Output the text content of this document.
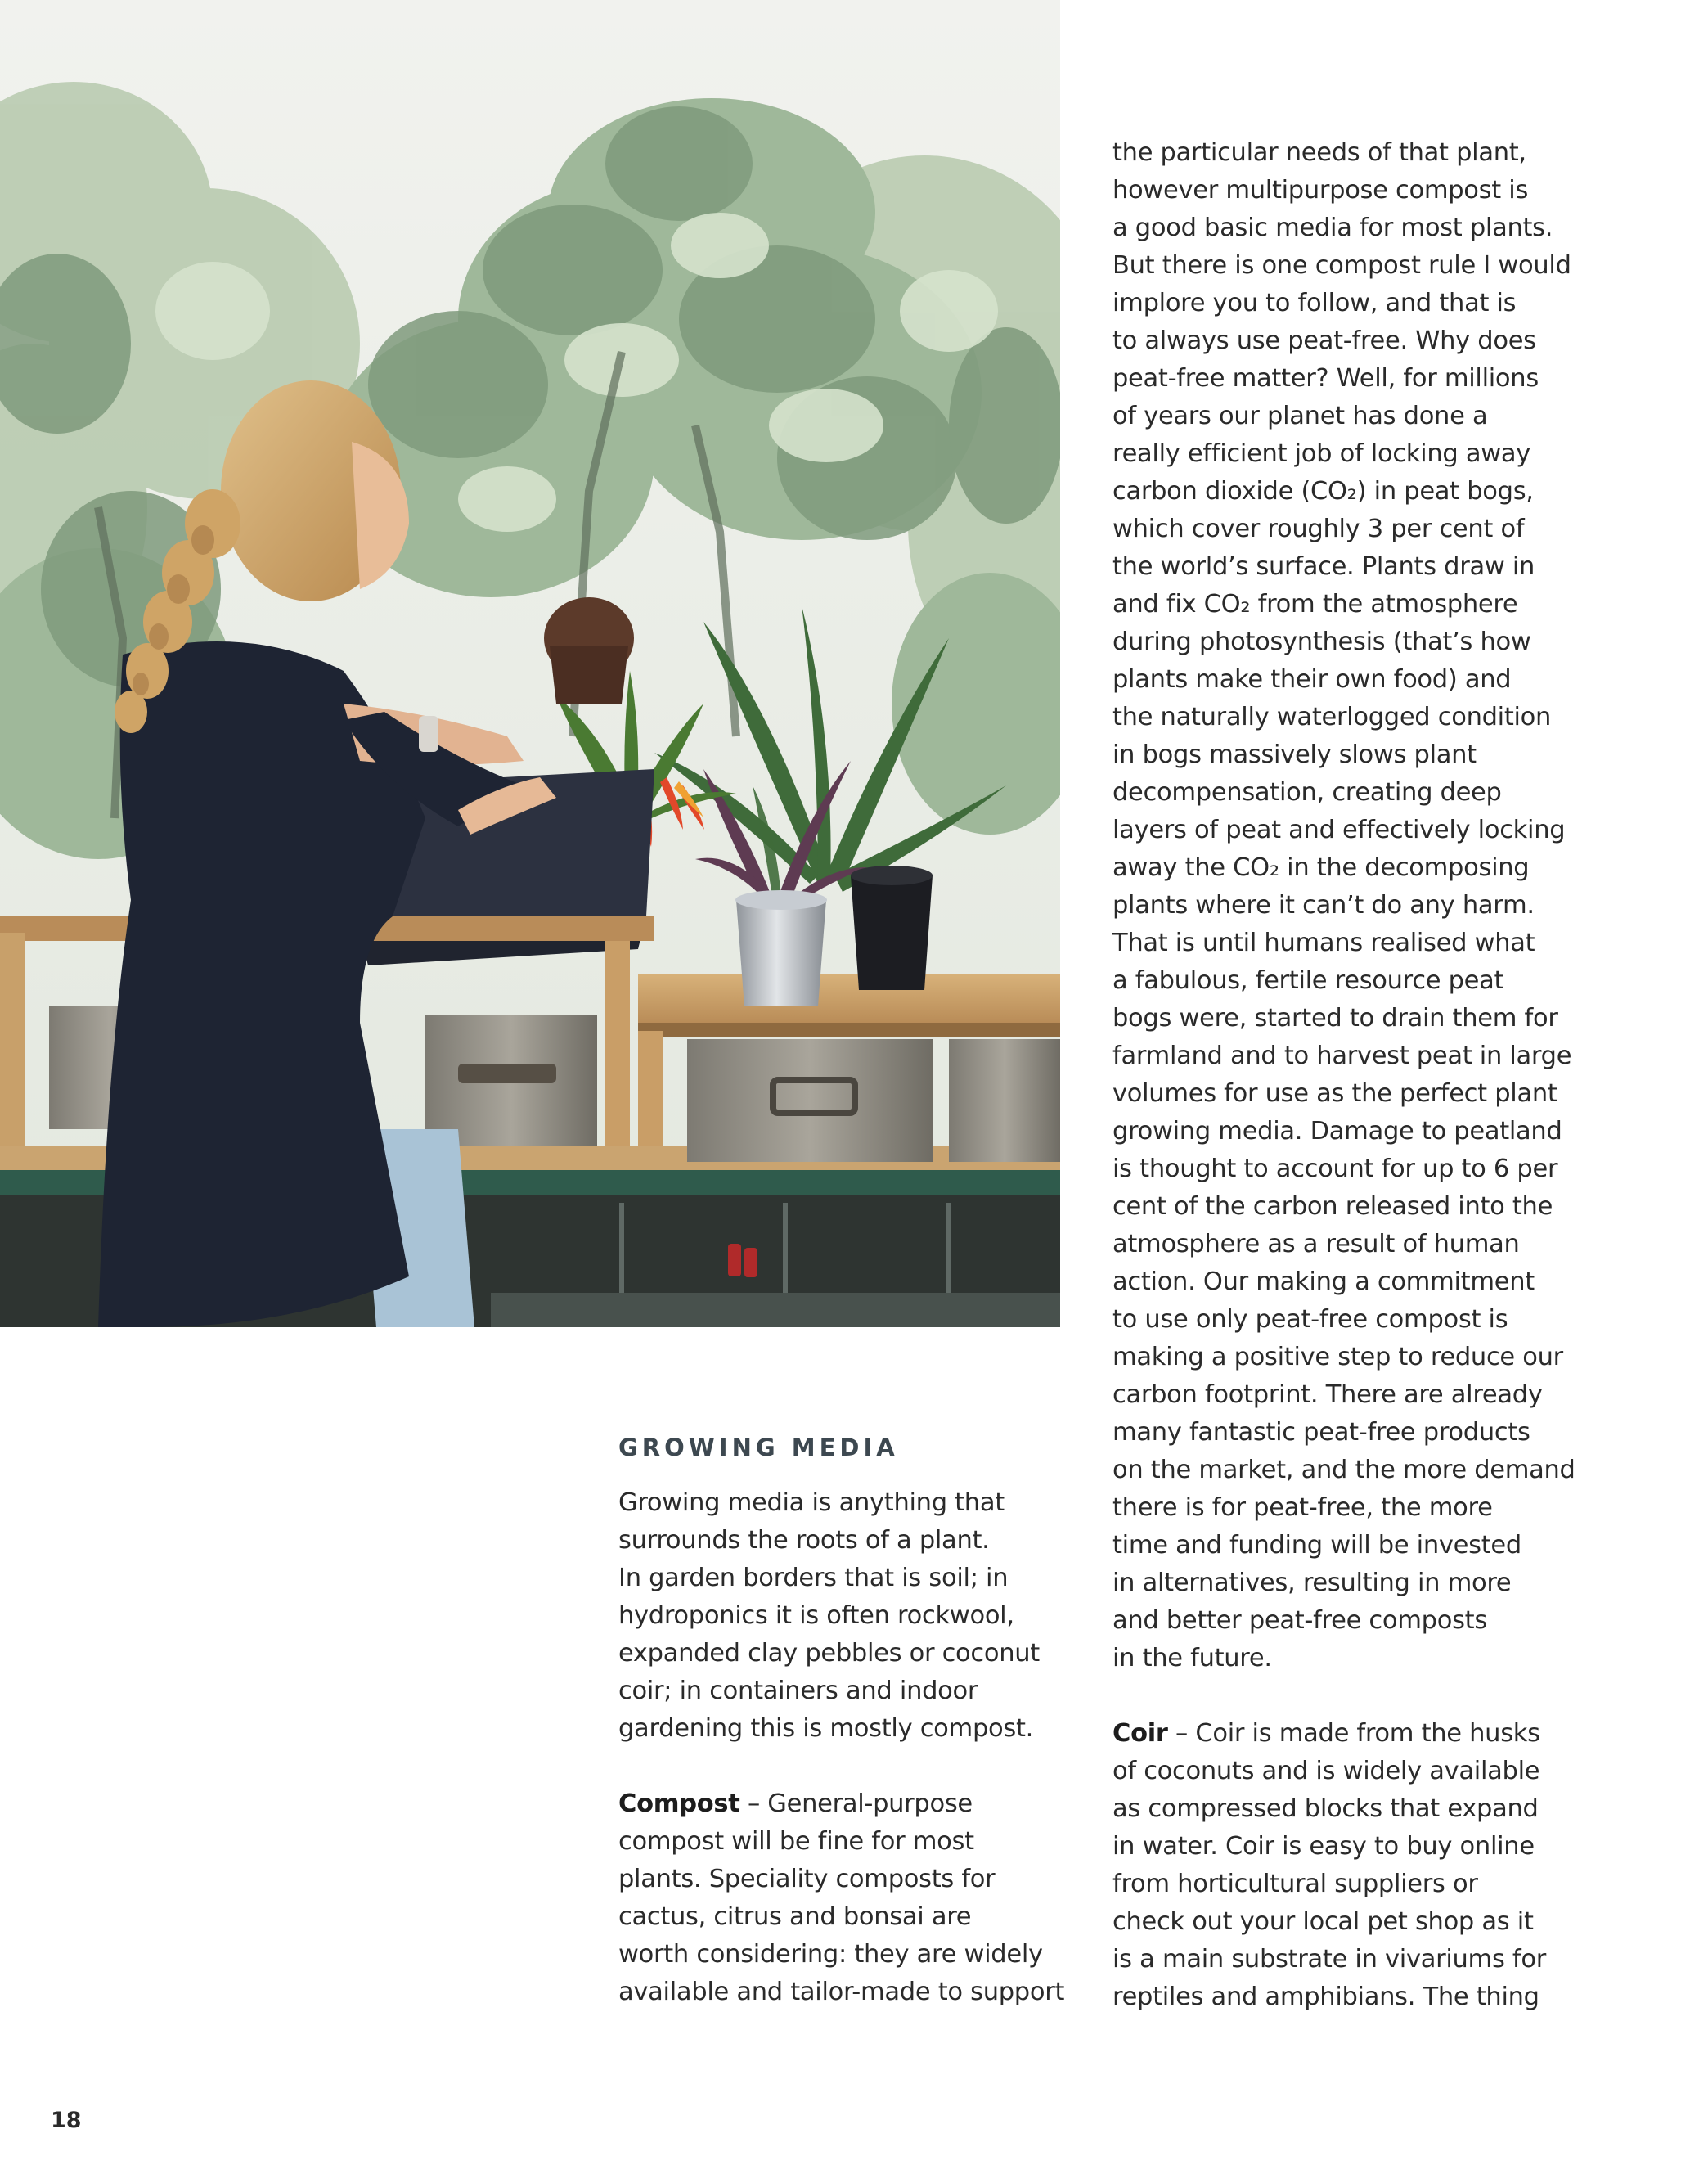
GROWING MEDIA

Growing media is anything that
surrounds the roots of a plant.
In garden borders that is soil; in
hydroponics it is often rockwool,
expanded clay pebbles or coconut
coir; in containers and indoor
gardening this is mostly compost.

Compost – General-purpose
compost will be fine for most
plants. Speciality composts for
cactus, citrus and bonsai are
worth considering: they are widely
available and tailor-made to support

the particular needs of that plant,
however multipurpose compost is
a good basic media for most plants.
But there is one compost rule I would
implore you to follow, and that is
to always use peat-free. Why does
peat-free matter? Well, for millions
of years our planet has done a
really efficient job of locking away
carbon dioxide (CO₂) in peat bogs,
which cover roughly 3 per cent of
the world’s surface. Plants draw in
and fix CO₂ from the atmosphere
during photosynthesis (that’s how
plants make their own food) and
the naturally waterlogged condition
in bogs massively slows plant
decompensation, creating deep
layers of peat and effectively locking
away the CO₂ in the decomposing
plants where it can’t do any harm.
That is until humans realised what
a fabulous, fertile resource peat
bogs were, started to drain them for
farmland and to harvest peat in large
volumes for use as the perfect plant
growing media. Damage to peatland
is thought to account for up to 6 per
cent of the carbon released into the
atmosphere as a result of human
action. Our making a commitment
to use only peat-free compost is
making a positive step to reduce our
carbon footprint. There are already
many fantastic peat-free products
on the market, and the more demand
there is for peat-free, the more
time and funding will be invested
in alternatives, resulting in more
and better peat-free composts
in the future.

Coir – Coir is made from the husks
of coconuts and is widely available
as compressed blocks that expand
in water. Coir is easy to buy online
from horticultural suppliers or
check out your local pet shop as it
is a main substrate in vivariums for
reptiles and amphibians. The thing

18
